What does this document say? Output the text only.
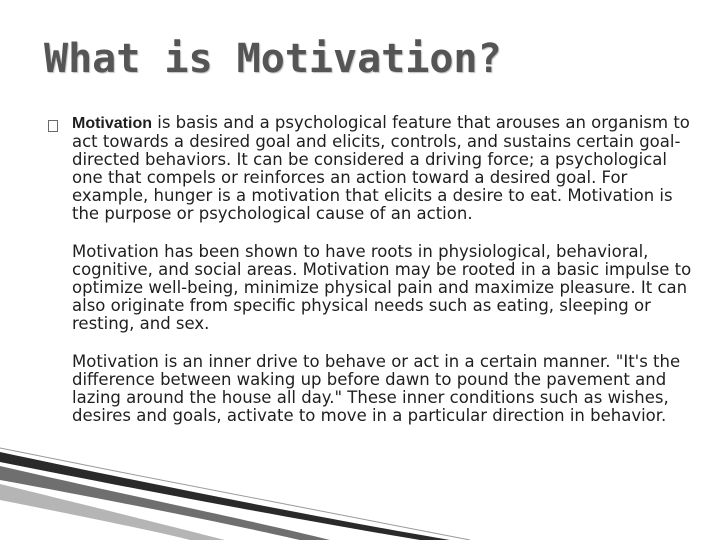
What is Motivation?

Motivation is basis and a psychological feature that arouses an organism to act towards a desired goal and elicits, controls, and sustains certain goal-directed behaviors. It can be considered a driving force; a psychological one that compels or reinforces an action toward a desired goal. For example, hunger is a motivation that elicits a desire to eat. Motivation is the purpose or psychological cause of an action.

Motivation has been shown to have roots in physiological, behavioral, cognitive, and social areas. Motivation may be rooted in a basic impulse to optimize well-being, minimize physical pain and maximize pleasure. It can also originate from specific physical needs such as eating, sleeping or resting, and sex.

Motivation is an inner drive to behave or act in a certain manner. "It's the difference between waking up before dawn to pound the pavement and lazing around the house all day." These inner conditions such as wishes, desires and goals, activate to move in a particular direction in behavior.
